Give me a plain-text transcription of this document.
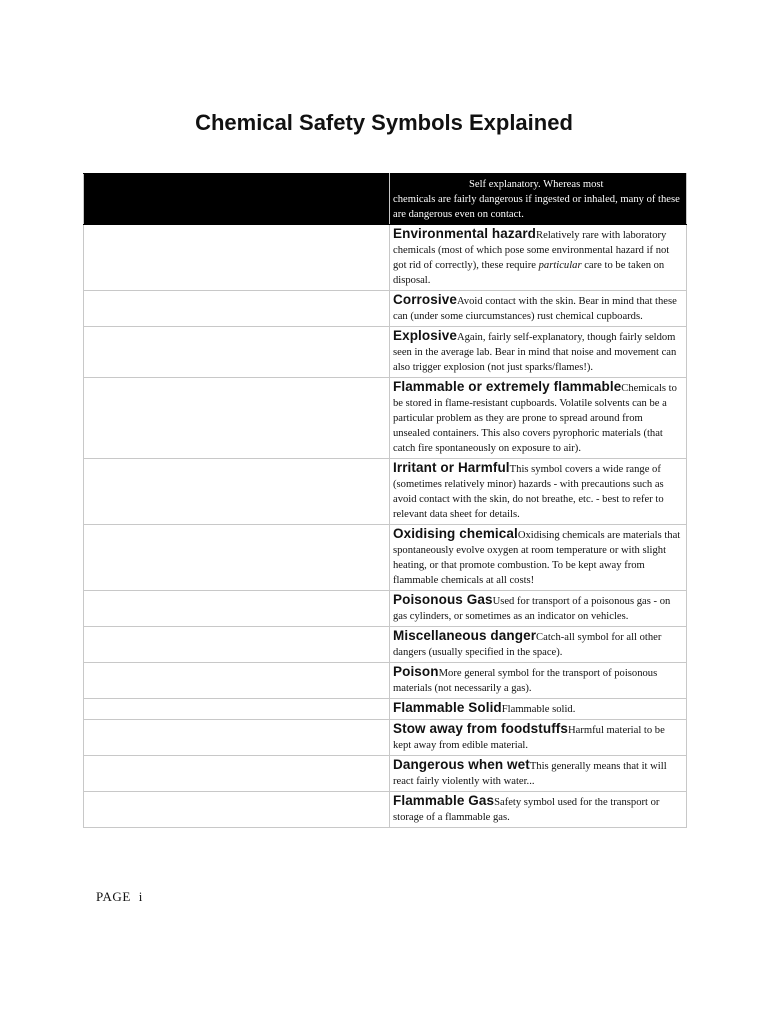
Chemical Safety Symbols Explained

	Self explanatory. Whereas most
chemicals are fairly dangerous if ingested or inhaled, many of these are dangerous even on contact.

	Environmental hazardRelatively rare with laboratory chemicals (most of which pose some environmental hazard if not got rid of correctly), these require particular care to be taken on disposal.

	CorrosiveAvoid contact with the skin. Bear in mind that these can (under some ciurcumstances) rust chemical cupboards.

	ExplosiveAgain, fairly self-explanatory, though fairly seldom seen in the average lab. Bear in mind that noise and movement can also trigger explosion (not just sparks/flames!).

	Flammable or extremely flammableChemicals to be stored in flame-resistant cupboards. Volatile solvents can be a particular problem as they are prone to spread around from unsealed containers. This also covers pyrophoric materials (that catch fire spontaneously on exposure to air).

	Irritant or HarmfulThis symbol covers a wide range of (sometimes relatively minor) hazards - with precautions such as avoid contact with the skin, do not breathe, etc. - best to refer to relevant data sheet for details.

	Oxidising chemicalOxidising chemicals are materials that spontaneously evolve oxygen at room temperature or with slight heating, or that promote combustion. To be kept away from flammable chemicals at all costs!

	Poisonous GasUsed for transport of a poisonous gas - on gas cylinders, or sometimes as an indicator on vehicles.

	Miscellaneous dangerCatch-all symbol for all other dangers (usually specified in the space).

	PoisonMore general symbol for the transport of poisonous materials (not necessarily a gas).

	Flammable SolidFlammable solid.

	Stow away from foodstuffsHarmful material to be kept away from edible material.

	Dangerous when wetThis generally means that it will react fairly violently with water...

	Flammable GasSafety symbol used for the transport or storage of a flammable gas.
PAGE i
